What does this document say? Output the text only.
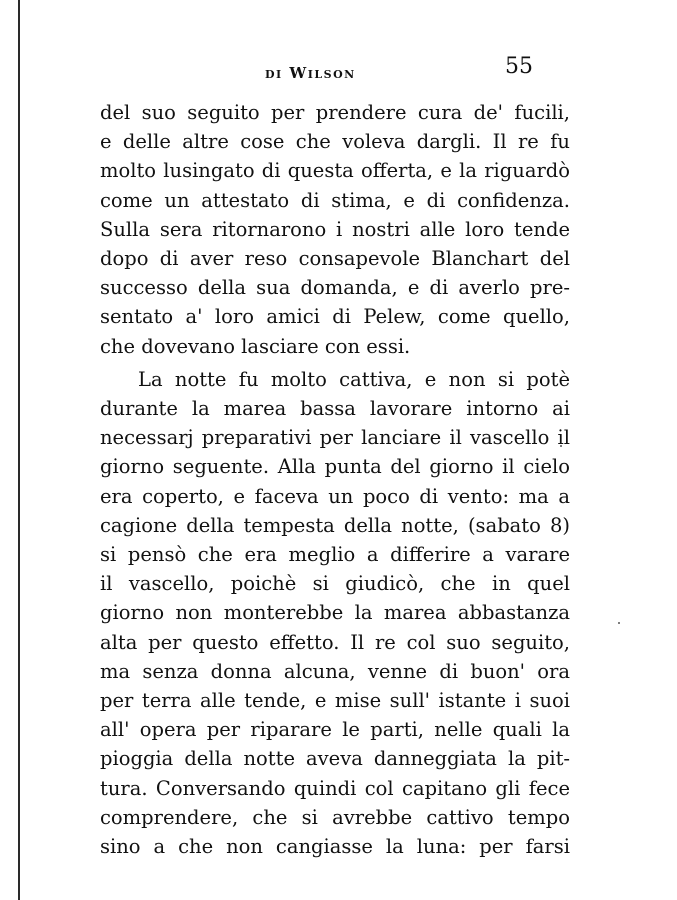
di Wilson	55
del suo seguito per prendere cura de' fucili,
e delle altre cose che voleva dargli. Il re fu
molto lusingato di questa offerta, e la riguardò
come un attestato di stima, e di confidenza.
Sulla sera ritornarono i nostri alle loro tende
dopo di aver reso consapevole Blanchart del
successo della sua domanda, e di averlo pre-
sentato a' loro amici di Pelew, come quello,
che dovevano lasciare con essi.
La notte fu molto cattiva, e non si potè
durante la marea bassa lavorare intorno ai
necessarj preparativi per lanciare il vascello il
giorno seguente. Alla punta del giorno il cielo
era coperto, e faceva un poco di vento: ma a
cagione della tempesta della notte, (sabato 8)
si pensò che era meglio a differire a varare
il vascello, poichè si giudicò, che in quel
giorno non monterebbe la marea abbastanza
alta per questo effetto. Il re col suo seguito,
ma senza donna alcuna, venne di buon' ora
per terra alle tende, e mise sull' istante i suoi
all' opera per riparare le parti, nelle quali la
pioggia della notte aveva danneggiata la pit-
tura. Conversando quindi col capitano gli fece
comprendere, che si avrebbe cattivo tempo
sino a che non cangiasse la luna: per farsi
